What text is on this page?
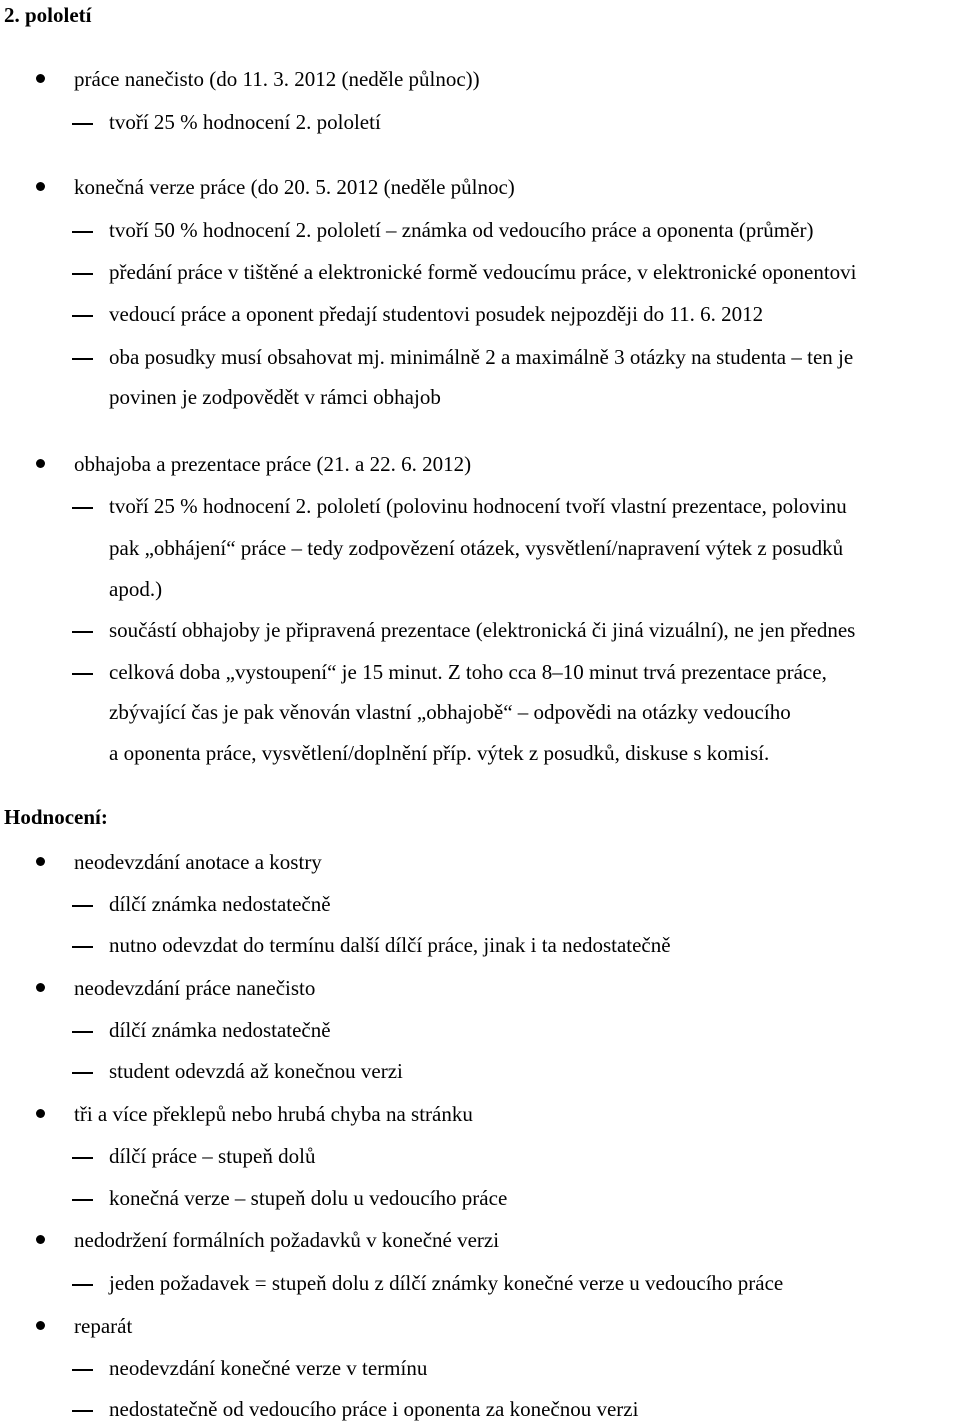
2. pololetí
práce nanečisto (do 11. 3. 2012 (neděle půlnoc))
tvoří 25 % hodnocení 2. pololetí
konečná verze práce (do 20. 5. 2012 (neděle půlnoc)
tvoří 50 % hodnocení 2. pololetí – známka od vedoucího práce a oponenta (průměr)
předání práce v tištěné a elektronické formě vedoucímu práce, v elektronické oponentovi
vedoucí práce a oponent předají studentovi posudek nejpozději do 11. 6. 2012
oba posudky musí obsahovat mj. minimálně 2 a maximálně 3 otázky na studenta – ten je
povinen je zodpovědět v rámci obhajob
obhajoba a prezentace práce (21. a 22. 6. 2012)
tvoří 25 % hodnocení 2. pololetí (polovinu hodnocení tvoří vlastní prezentace, polovinu
pak „obhájení“ práce – tedy zodpovězení otázek, vysvětlení/napravení výtek z posudků
apod.)
součástí obhajoby je připravená prezentace (elektronická či jiná vizuální), ne jen přednes
celková doba „vystoupení“ je 15 minut. Z toho cca 8–10 minut trvá prezentace práce,
zbývající čas je pak věnován vlastní „obhajobě“ – odpovědi na otázky vedoucího
a oponenta práce, vysvětlení/doplnění příp. výtek z posudků, diskuse s komisí.
Hodnocení:
neodevzdání anotace a kostry
dílčí známka nedostatečně
nutno odevzdat do termínu další dílčí práce, jinak i ta nedostatečně
neodevzdání práce nanečisto
dílčí známka nedostatečně
student odevzdá až konečnou verzi
tři a více překlepů nebo hrubá chyba na stránku
dílčí práce – stupeň dolů
konečná verze – stupeň dolu u vedoucího práce
nedodržení formálních požadavků v konečné verzi
jeden požadavek = stupeň dolu z dílčí známky konečné verze u vedoucího práce
reparát
neodevzdání konečné verze v termínu
nedostatečně od vedoucího práce i oponenta za konečnou verzi
